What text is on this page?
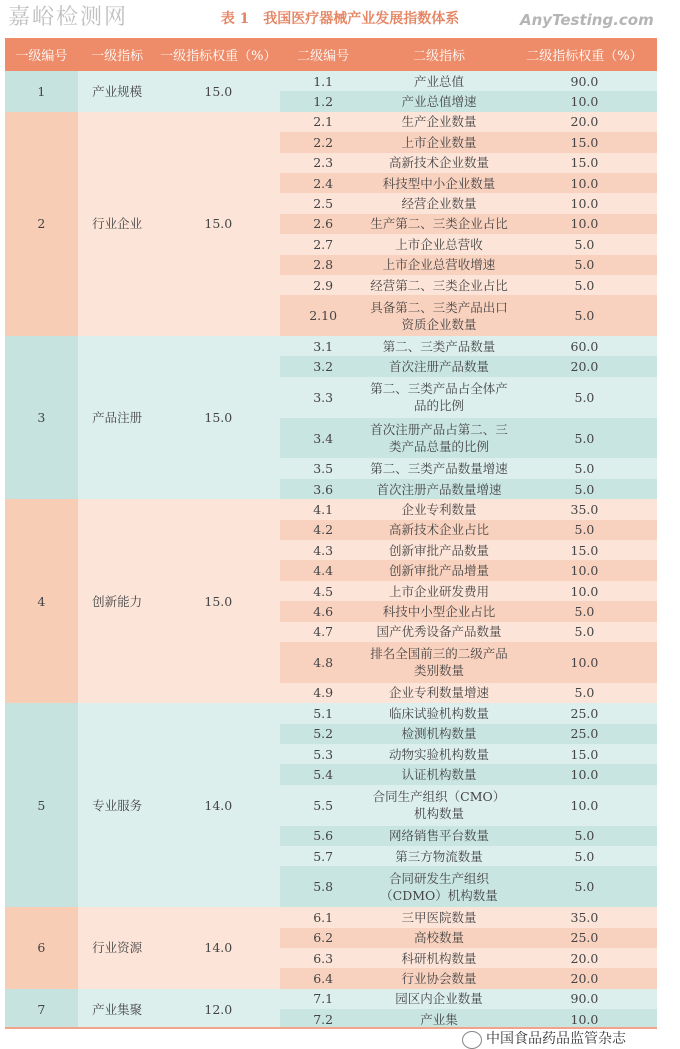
表 1　我国医疗器械产业发展指数体系
一级编号	一级指标	一级指标权重（%）	二级编号	二级指标	二级指标权重（%）
1	产业规模	15.0	1.1	产业总值	90.0
			1.2	产业总值增速	10.0
2	行业企业	15.0	2.1	生产企业数量	20.0
			2.2	上市企业数量	15.0
			2.3	高新技术企业数量	15.0
			2.4	科技型中小企业数量	10.0
			2.5	经营企业数量	10.0
			2.6	生产第二、三类企业占比	10.0
			2.7	上市企业总营收	5.0
			2.8	上市企业总营收增速	5.0
			2.9	经营第二、三类企业占比	5.0
			2.10	具备第二、三类产品出口资质企业数量	5.0
3	产品注册	15.0	3.1	第二、三类产品数量	60.0
			3.2	首次注册产品数量	20.0
			3.3	第二、三类产品占全体产品的比例	5.0
			3.4	首次注册产品占第二、三类产品总量的比例	5.0
			3.5	第二、三类产品数量增速	5.0
			3.6	首次注册产品数量增速	5.0
4	创新能力	15.0	4.1	企业专利数量	35.0
			4.2	高新技术企业占比	5.0
			4.3	创新审批产品数量	15.0
			4.4	创新审批产品增量	10.0
			4.5	上市企业研发费用	10.0
			4.6	科技中小型企业占比	5.0
			4.7	国产优秀设备产品数量	5.0
			4.8	排名全国前三的二级产品类别数量	10.0
			4.9	企业专利数量增速	5.0
5	专业服务	14.0	5.1	临床试验机构数量	25.0
			5.2	检测机构数量	25.0
			5.3	动物实验机构数量	15.0
			5.4	认证机构数量	10.0
			5.5	合同生产组织（CMO）机构数量	10.0
			5.6	网络销售平台数量	5.0
			5.7	第三方物流数量	5.0
			5.8	合同研发生产组织（CDMO）机构数量	5.0
6	行业资源	14.0	6.1	三甲医院数量	35.0
			6.2	高校数量	25.0
			6.3	科研机构数量	20.0
			6.4	行业协会数量	20.0
7	产业集聚	12.0	7.1	园区内企业数量	90.0
			7.2	产业集	10.0
嘉峪检测网	AnyTesting.com
中国食品药品监管杂志
